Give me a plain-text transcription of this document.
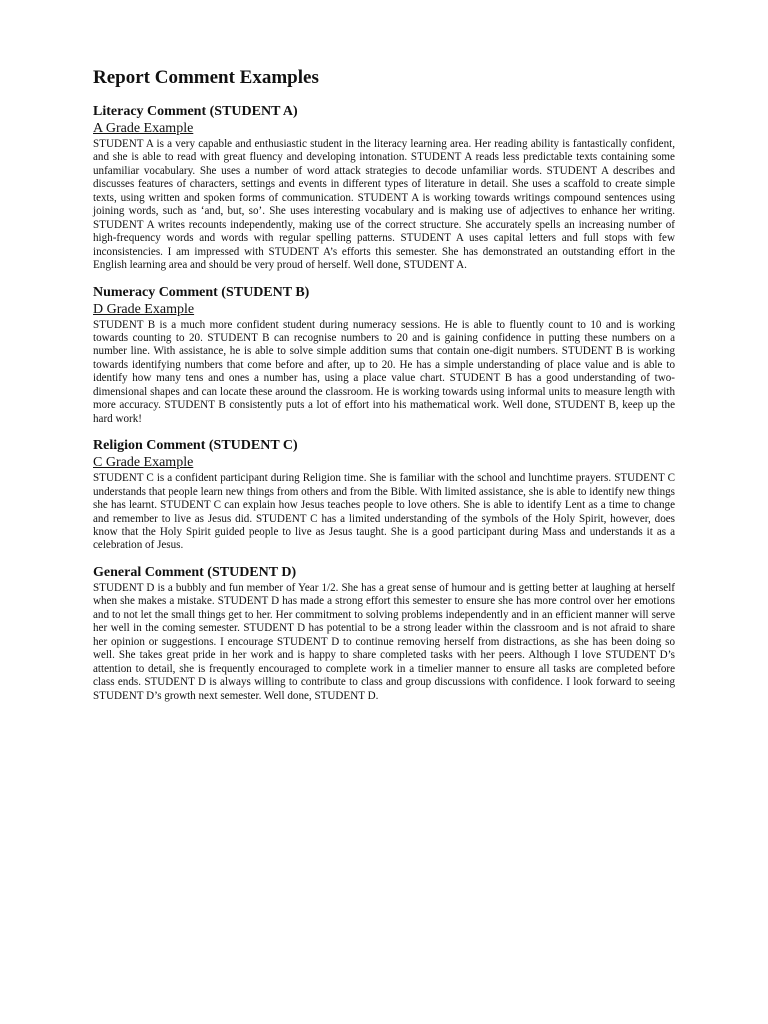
Report Comment Examples
Literacy Comment (STUDENT A)
A Grade Example

STUDENT A is a very capable and enthusiastic student in the literacy learning area. Her reading ability is fantastically confident, and she is able to read with great fluency and developing intonation. STUDENT A reads less predictable texts containing some unfamiliar vocabulary. She uses a number of word attack strategies to decode unfamiliar words. STUDENT A describes and discusses features of characters, settings and events in different types of literature in detail. She uses a scaffold to create simple texts, using written and spoken forms of communication. STUDENT A is working towards writings compound sentences using joining words, such as ‘and, but, so’. She uses interesting vocabulary and is making use of adjectives to enhance her writing. STUDENT A writes recounts independently, making use of the correct structure. She accurately spells an increasing number of high-frequency words and words with regular spelling patterns. STUDENT A uses capital letters and full stops with few inconsistencies. I am impressed with STUDENT A’s efforts this semester. She has demonstrated an outstanding effort in the English learning area and should be very proud of herself. Well done, STUDENT A.

Numeracy Comment (STUDENT B)
D Grade Example

STUDENT B is a much more confident student during numeracy sessions. He is able to fluently count to 10 and is working towards counting to 20. STUDENT B can recognise numbers to 20 and is gaining confidence in putting these numbers on a number line. With assistance, he is able to solve simple addition sums that contain one-digit numbers. STUDENT B is working towards identifying numbers that come before and after, up to 20. He has a simple understanding of place value and is able to identify how many tens and ones a number has, using a place value chart. STUDENT B has a good understanding of two-dimensional shapes and can locate these around the classroom. He is working towards using informal units to measure length with more accuracy. STUDENT B consistently puts a lot of effort into his mathematical work. Well done, STUDENT B, keep up the hard work!

Religion Comment (STUDENT C)
C Grade Example

STUDENT C is a confident participant during Religion time. She is familiar with the school and lunchtime prayers. STUDENT C understands that people learn new things from others and from the Bible. With limited assistance, she is able to identify new things she has learnt. STUDENT C can explain how Jesus teaches people to love others. She is able to identify Lent as a time to change and remember to live as Jesus did. STUDENT C has a limited understanding of the symbols of the Holy Spirit, however, does know that the Holy Spirit guided people to live as Jesus taught. She is a good participant during Mass and understands it as a celebration of Jesus.

General Comment (STUDENT D)

STUDENT D is a bubbly and fun member of Year 1/2. She has a great sense of humour and is getting better at laughing at herself when she makes a mistake. STUDENT D has made a strong effort this semester to ensure she has more control over her emotions and to not let the small things get to her. Her commitment to solving problems independently and in an efficient manner will serve her well in the coming semester. STUDENT D has potential to be a strong leader within the classroom and is not afraid to share her opinion or suggestions. I encourage STUDENT D to continue removing herself from distractions, as she has been doing so well. She takes great pride in her work and is happy to share completed tasks with her peers. Although I love STUDENT D’s attention to detail, she is frequently encouraged to complete work in a timelier manner to ensure all tasks are completed before class ends. STUDENT D is always willing to contribute to class and group discussions with confidence. I look forward to seeing STUDENT D’s growth next semester. Well done, STUDENT D.
